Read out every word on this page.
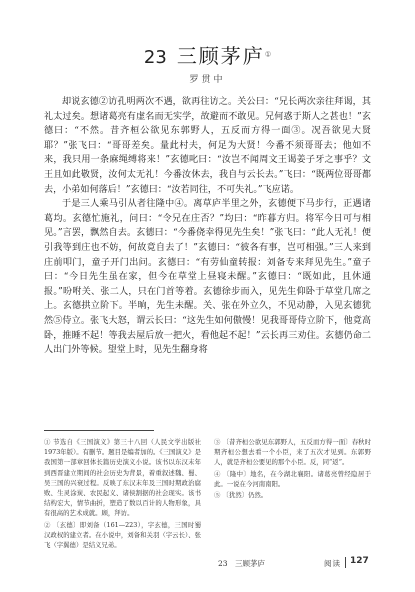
23 三顾茅庐①
罗贯中

却说玄德②访孔明两次不遇，欲再往访之。关公曰：“兄长两次亲往拜谒，其礼太过矣。想诸葛亮有虚名而无实学，故避而不敢见。兄何惑于斯人之甚也！”玄德曰：“不然。昔齐桓公欲见东郭野人，五反而方得一面③。况吾欲见大贤耶？”张飞曰：“哥哥差矣。量此村夫，何足为大贤！今番不须哥哥去；他如不来，我只用一条麻绳缚将来！”玄德叱曰：“汝岂不闻周文王谒姜子牙之事乎？文王且如此敬贤，汝何太无礼！今番汝休去，我自与云长去。”飞曰：“既两位哥哥都去，小弟如何落后！”玄德曰：“汝若同往，不可失礼。”飞应诺。

于是三人乘马引从者往隆中④。离草庐半里之外，玄德便下马步行，正遇诸葛均。玄德忙施礼，问曰：“令兄在庄否？”均曰：“昨暮方归。将军今日可与相见。”言罢，飘然自去。玄德曰：“今番侥幸得见先生矣！”张飞曰：“此人无礼！便引我等到庄也不妨，何故竟自去了！”玄德曰：“彼各有事，岂可相强。”三人来到庄前叩门，童子开门出问。玄德曰：“有劳仙童转报：刘备专来拜见先生。”童子曰：“今日先生虽在家，但今在草堂上昼寝未醒。”玄德曰：“既如此，且休通报。”吩咐关、张二人，只在门首等着。玄德徐步而入，见先生仰卧于草堂几席之上。玄德拱立阶下。半晌，先生未醒。关、张在外立久，不见动静，入见玄德犹然⑤侍立。张飞大怒，谓云长曰：“这先生如何傲慢！见我哥哥侍立阶下，他竟高卧，推睡不起！等我去屋后放一把火，看他起不起！”云长再三劝住。玄德仍命二人出门外等候。望堂上时，见先生翻身将

① 节选自《三国演义》第三十八回（人民文学出版社1973年版）。有删节。题目是编者加的。《三国演义》是我国第一部章回体长篇历史演义小说。该书以东汉末年到西晋建立期间的社会历史为背景，着重叙述魏、蜀、吴三国的兴衰过程。反映了东汉末年及三国时期政治腐败、生灵涂炭、农民起义、诸侯割据的社会现实。该书结构宏大，情节曲折，塑造了数以百计的人物形象，具有很高的艺术成就。顾，拜访。

② 〔玄德〕即刘备（161—223），字玄德，三国时蜀汉政权的建立者。在小说中，刘备和关羽（字云长）、张飞（字翼德）是结义兄弟。

③ 〔昔齐桓公欲见东郭野人，五反而方得一面〕春秋时期齐桓公想去看一个小臣，来了五次才见到。东郭野人，就是齐桓公要见的那个小臣。反，同“返”。

④ 〔隆中〕地名，在今湖北襄阳。诸葛亮曾经隐居于此。一说在今河南南阳。

⑤ 〔犹然〕仍然。

23　三顾茅庐	阅读 127
